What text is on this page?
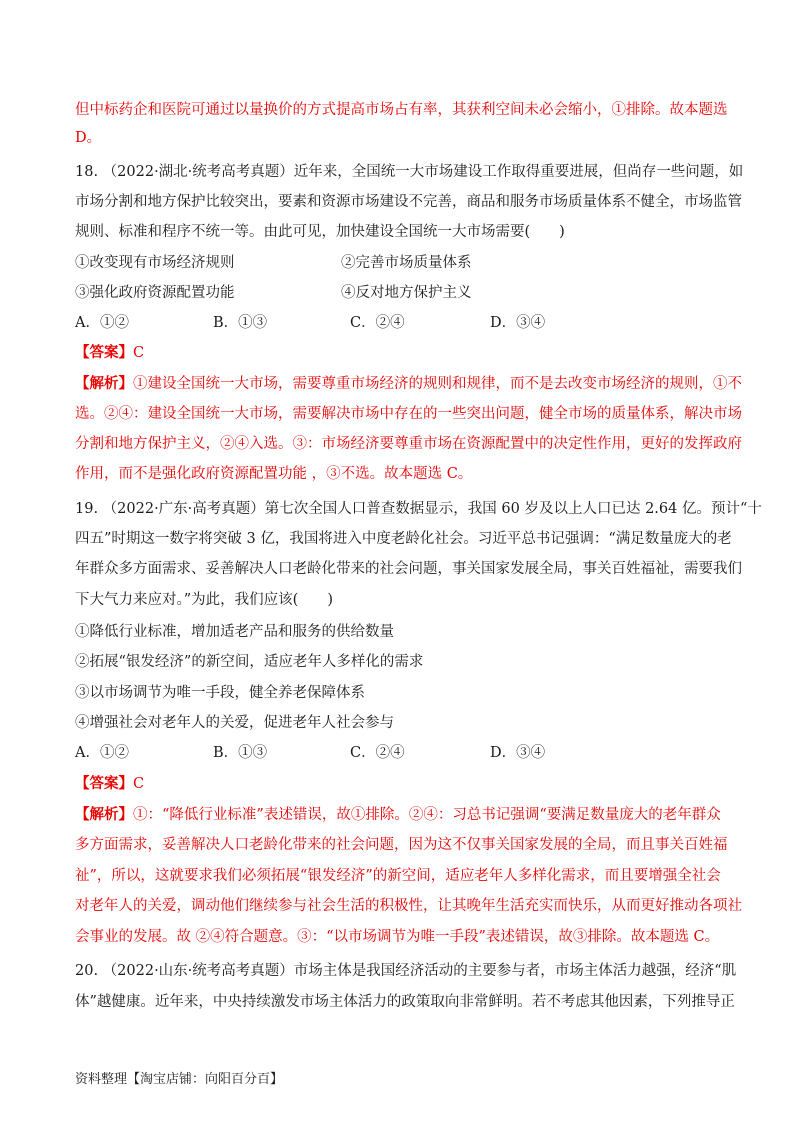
但中标药企和医院可通过以量换价的方式提高市场占有率，其获利空间未必会缩小，①排除。故本题选
D。
18. （2022·湖北·统考高考真题）近年来，全国统一大市场建设工作取得重要进展，但尚存一些问题，如
市场分割和地方保护比较突出，要素和资源市场建设不完善，商品和服务市场质量体系不健全，市场监管
规则、标准和程序不统一等。由此可见，加快建设全国统一大市场需要(　　)
①改变现有市场经济规则	②完善市场质量体系
③强化政府资源配置功能	④反对地方保护主义
A．①②	B．①③	C．②④	D．③④
【答案】C
【解析】①建设全国统一大市场，需要尊重市场经济的规则和规律，而不是去改变市场经济的规则，①不
选。②④：建设全国统一大市场，需要解决市场中存在的一些突出问题，健全市场的质量体系，解决市场
分割和地方保护主义，②④入选。③：市场经济要尊重市场在资源配置中的决定性作用，更好的发挥政府
作用，而不是强化政府资源配置功能 ，③不选。故本题选 C。
19. （2022·广东·高考真题）第七次全国人口普查数据显示，我国 60 岁及以上人口已达 2.64 亿。预计“十
四五”时期这一数字将突破 3 亿，我国将进入中度老龄化社会。习近平总书记强调：“满足数量庞大的老
年群众多方面需求、妥善解决人口老龄化带来的社会问题，事关国家发展全局，事关百姓福祉，需要我们
下大气力来应对。”为此，我们应该(　　)
①降低行业标准，增加适老产品和服务的供给数量
②拓展“银发经济”的新空间，适应老年人多样化的需求
③以市场调节为唯一手段，健全养老保障体系
④增强社会对老年人的关爱，促进老年人社会参与
A．①②	B．①③	C．②④	D．③④
【答案】C
【解析】①：“降低行业标准”表述错误，故①排除。②④：习总书记强调“要满足数量庞大的老年群众
多方面需求，妥善解决人口老龄化带来的社会问题，因为这不仅事关国家发展的全局，而且事关百姓福
祉”，所以，这就要求我们必须拓展“银发经济”的新空间，适应老年人多样化需求，而且要增强全社会
对老年人的关爱，调动他们继续参与社会生活的积极性，让其晚年生活充实而快乐，从而更好推动各项社
会事业的发展。故 ②④符合题意。③：“以市场调节为唯一手段”表述错误，故③排除。故本题选 C。
20. （2022·山东·统考高考真题）市场主体是我国经济活动的主要参与者，市场主体活力越强，经济“肌
体”越健康。近年来，中央持续激发市场主体活力的政策取向非常鲜明。若不考虑其他因素，下列推导正
资料整理【淘宝店铺：向阳百分百】
